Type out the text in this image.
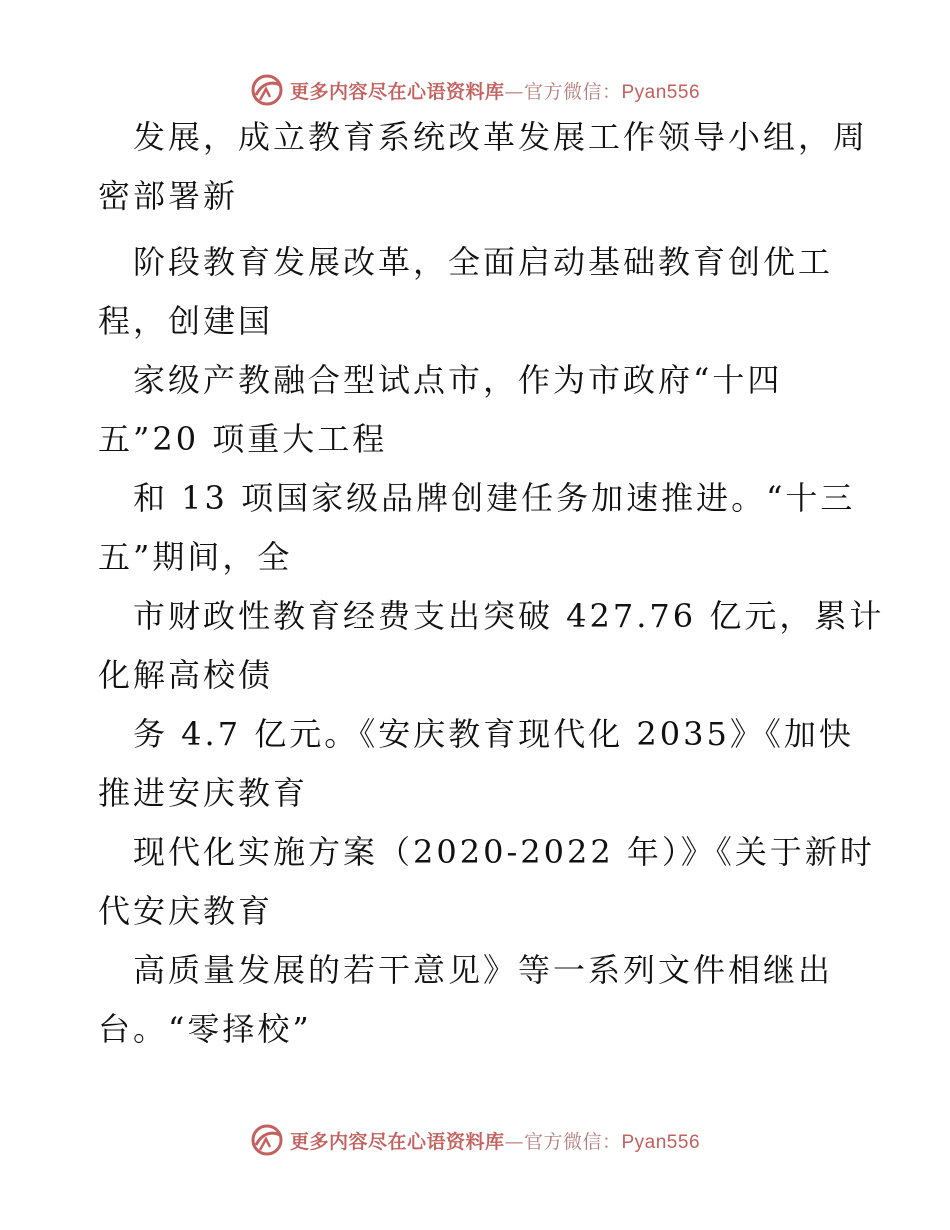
更多内容尽在心语资料库—官方微信：Pyan556
发展，成立教育系统改革发展工作领导小组，周
密部署新
阶段教育发展改革，全面启动基础教育创优工
程，创建国
家级产教融合型试点市，作为市政府“十四
五”20 项重大工程
和 13 项国家级品牌创建任务加速推进。“十三
五”期间，全
市财政性教育经费支出突破 427.76 亿元，累计
化解高校债
务 4.7 亿元。《安庆教育现代化 2035》《加快
推进安庆教育
现代化实施方案（2020-2022 年）》《关于新时
代安庆教育
高质量发展的若干意见》等一系列文件相继出
台。“零择校”
更多内容尽在心语资料库—官方微信：Pyan556
